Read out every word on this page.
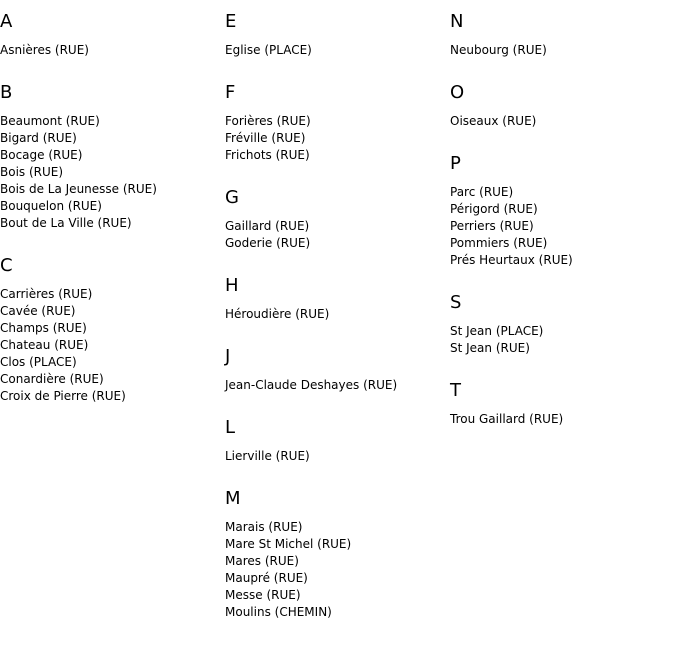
A
Asnières (RUE)
B
Beaumont (RUE)
Bigard (RUE)
Bocage (RUE)
Bois (RUE)
Bois de La Jeunesse (RUE)
Bouquelon (RUE)
Bout de La Ville (RUE)
C
Carrières (RUE)
Cavée (RUE)
Champs (RUE)
Chateau (RUE)
Clos (PLACE)
Conardière (RUE)
Croix de Pierre (RUE)
E
Eglise (PLACE)
F
Forières (RUE)
Fréville (RUE)
Frichots (RUE)
G
Gaillard (RUE)
Goderie (RUE)
H
Héroudière (RUE)
J
Jean-Claude Deshayes (RUE)
L
Lierville (RUE)
M
Marais (RUE)
Mare St Michel (RUE)
Mares (RUE)
Maupré (RUE)
Messe (RUE)
Moulins (CHEMIN)
N
Neubourg (RUE)
O
Oiseaux (RUE)
P
Parc (RUE)
Périgord (RUE)
Perriers (RUE)
Pommiers (RUE)
Prés Heurtaux (RUE)
S
St Jean (PLACE)
St Jean (RUE)
T
Trou Gaillard (RUE)
